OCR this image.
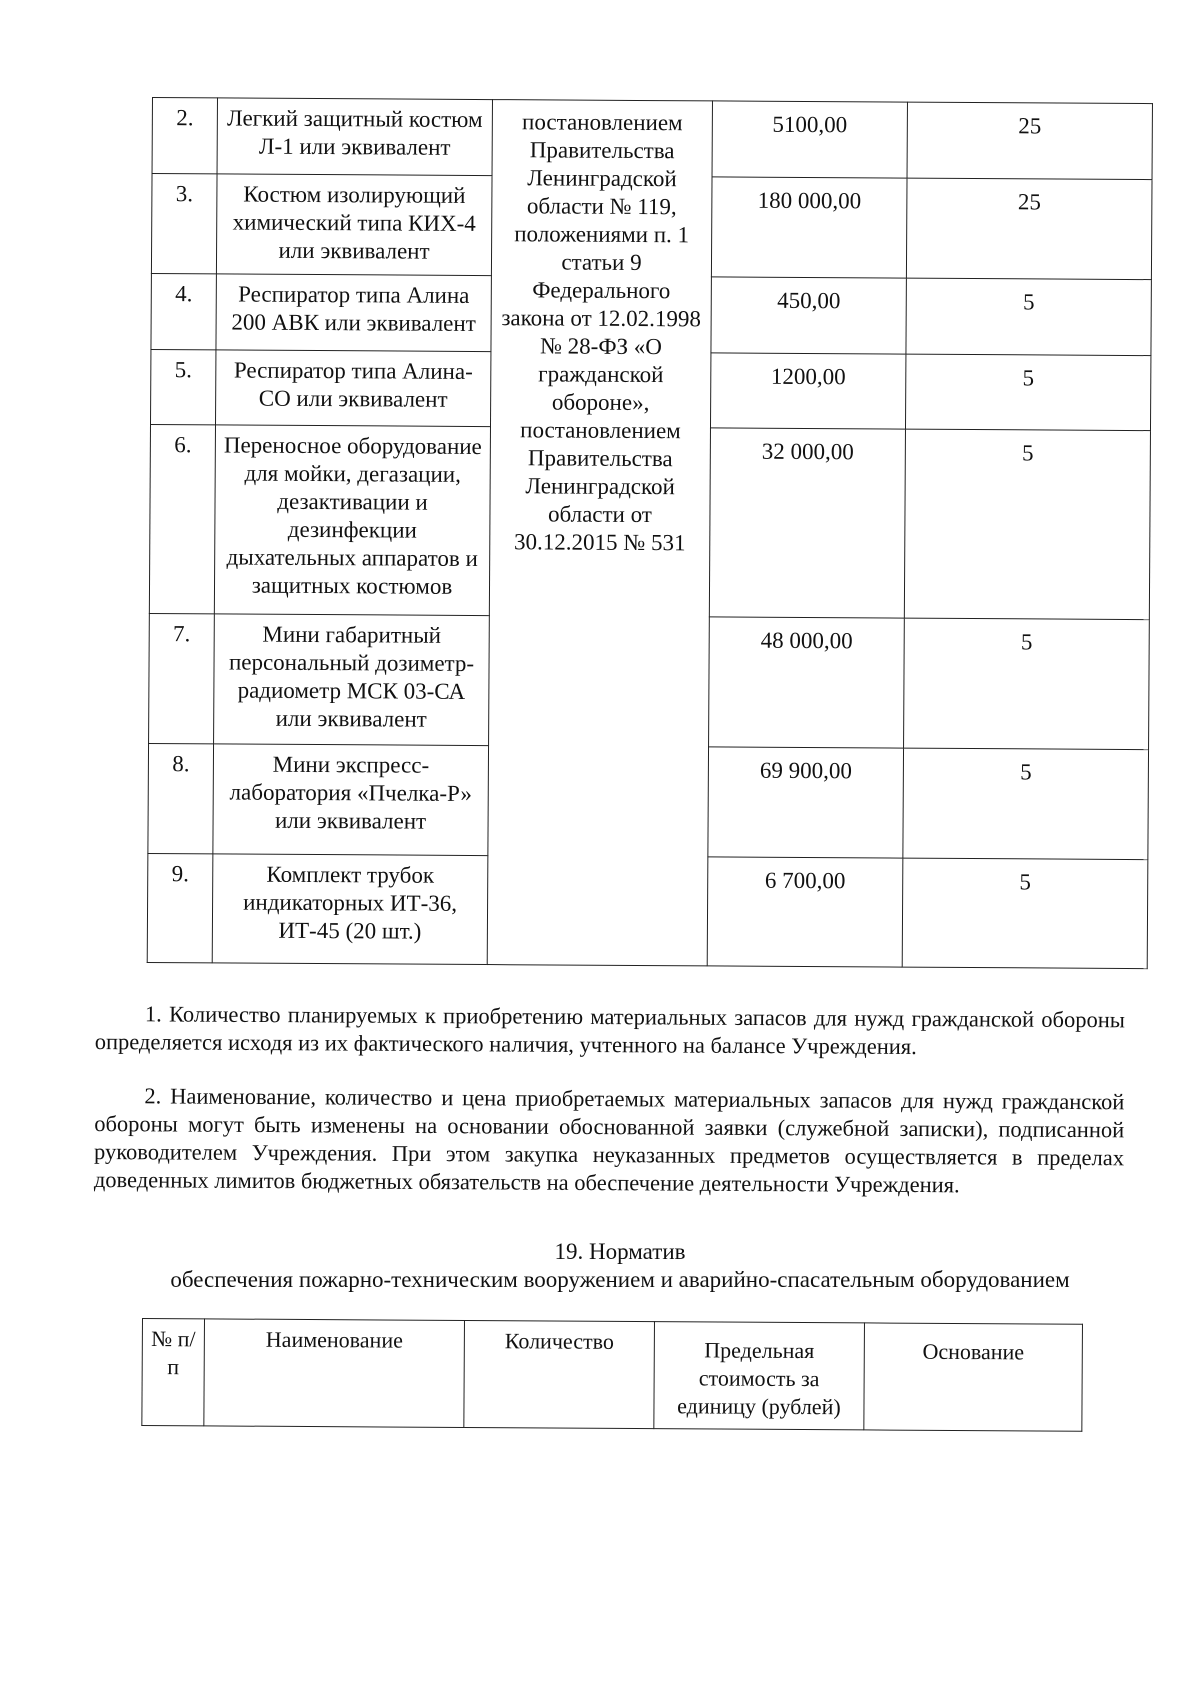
2.	Легкий защитный костюм Л-1 или эквивалент	постановлением Правительства Ленинградской области № 119, положениями п. 1 статьи 9 Федерального закона от 12.02.1998 № 28-ФЗ «О гражданской обороне», постановлением Правительства Ленинградской области от 30.12.2015 № 531	5100,00	25
3.	Костюм изолирующий химический типа КИХ-4 или эквивалент		180 000,00	25
4.	Респиратор типа Алина 200 АВК или эквивалент		450,00	5
5.	Респиратор типа Алина-СО или эквивалент		1200,00	5
6.	Переносное оборудование для мойки, дегазации, дезактивации и дезинфекции дыхательных аппаратов и защитных костюмов		32 000,00	5
7.	Мини габаритный персональный дозиметр-радиометр МСК 03-СА или эквивалент		48 000,00	5
8.	Мини экспресс-лаборатория «Пчелка-Р» или эквивалент		69 900,00	5
9.	Комплект трубок индикаторных ИТ-36, ИТ-45 (20 шт.)		6 700,00	5

1. Количество планируемых к приобретению материальных запасов для нужд гражданской обороны определяется исходя из их фактического наличия, учтенного на балансе Учреждения.

2. Наименование, количество и цена приобретаемых материальных запасов для нужд гражданской обороны могут быть изменены на основании обоснованной заявки (служебной записки), подписанной руководителем Учреждения. При этом закупка неуказанных предметов осуществляется в пределах доведенных лимитов бюджетных обязательств на обеспечение деятельности Учреждения.

19. Норматив
обеспечения пожарно-техническим вооружением и аварийно-спасательным оборудованием
№ п/п	Наименование	Количество	Предельная стоимость за единицу (рублей)	Основание
